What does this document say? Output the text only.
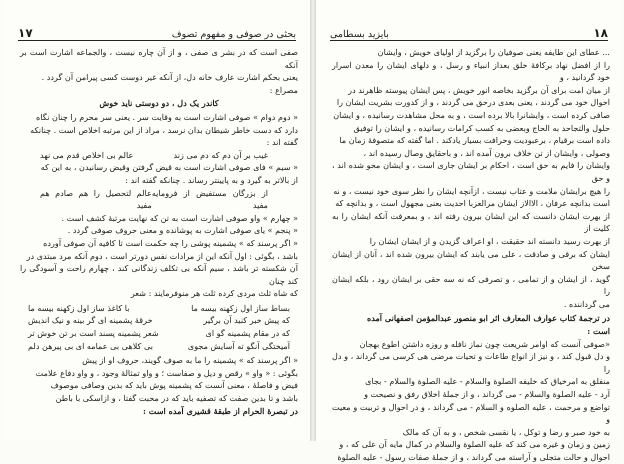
۱۷	بحثی در صوفی و مفهوم تصوف

صفی است که در بشر ی صفی ، و از آن چاره نیست ، والجماعه اشارت است بر آنکه

یعنی بحکم اشارت عارف خانه دل، از آنکه غیر دوست کسی پیرامن آن گردد .

مصراع :

کاندر یک دل ، دو دوستی ناید خوش

« دوم دوام » صوفی اشارت است به وقایت سر . یعنی سر محرم را چنان نگاه

دارد که دست خاطر شیطان بدان نرسد ، مراد از این مرتبه اخلاص است . چنانکه

گفته اند :

غیب بر آن دم که دم می زند
عالم بی اخلاص قدم می نهد

« سیم » فای صوفی اشارت است به قیض گرفتن وقیض رسانیدن ، به این که

از بالاتر به گیرد و به پایینتر رساند . چنانکه گفته اند :

از بزرگان مستفیض از فرومایه مفید
عالم لتحصیل را هم صادم هم مفید

« چهارم » واو صوفی اشارت است به تن که نهایت مرتبهٔ کشف است .

« پنجم » یای صوفی اشارت به پوشانده و معنی حروف صوفی گردد .

« اگر پرسند که » پشمینه پوشی را چه حکمت است تا کافیه آن صوفی آورده

باشد ، بگوئی : اول آنکه این از مرادات نفس دورتر است ، دوم آنکه مرد مبتدی در

آن شکسته تر باشد ، سیم آنکه بی تکلف زندگانی کند ، چهارم راحت و آسودگی را کند چنان

که شاه ثلث مردی کرده ثلث هر منوفرمایند : شعر

بساط ساز اول زکهنه بیسه ما
با کاغذ ساز اول زکهنه بیسه ما
که پیش خبر کنید آن برگیر
خرقهٔ پشمینه ای گر بینه و نیک اندیش
که در مقام پشمینه گو ای
شعر پشمینه پسند است بر تن خوش تر
آمیختگی آنگو ته آسایش مجوی
بی کلاهی بی عمامه ای بی پیرهن دلم

« اگر پرسند که » پشمینه را ما به صوف گویند، حروف او از پیش

بگوئی : « واو » رقص و دیل و صفاست ؛ و واو تمثالهٔ وجود ، و واو دفاع علامت

فیض و فاصلهٔ ، معنی آنست که پشمینه پوش باید که بدین وصافی موصوف

باشد و تا بدین صفت که تصفیه باید که در محبت گفتا ، و ازاسکی با باطن

در تبصرهٔ الحرام از طبقهٔ قشیری آمده است :

بایزید بسطامی	۱۸

... عطای این طایفه یعنی صوفیان را برگزید از اولیای خویش ، وایشان

را از افضل نهاد برکافهٔ خلق بعداز انبیاء و رسل ، و دلهای ایشان را معدن اسرار خود گردانید ، و

از میان امت برای آن برگزید بخاصه انور خویش ، پس ایشان پیوسته ظاهرند در

احوال خود می گردند ، یعنی بعدی درحق می گردند ، و از کدورت بشریت ایشان را

صافی کرده است ، وایشانرا بالا برده است ، و به محل مشاهدت رسانیده ، و ایشان

حلول والتجاحد به الحاج وبعضی به کسب کرامات رسانیده ، و ایشان را توفیق

داده است برقیام ، برعبودیت وحرافت بسیار یادکند . اما گفته که متصوفهٔ زمان ما

وصولی ، وایشان از تن خلاف برون آمده اند ، و باحقایق وصال رسیده اند ،

وایشان را فایم به حق است ، احکام بر ایشان جاری است ، و ایشان محو شده اند ، و حق

را هیچ برایشان ملامت و عتاب نیست ، ازآنچه ایشان را نظر سوی خود نیست ، و نه

است بدانچه عرفان ، الاالاز ایشان مرالعزبا احدیت بعنی مجهول است ، و بدانچه که

از بهرت ایشان دانست که این ایشان بیرون رفته اند ، و بمعرفت آنکه ایشان را به کلیت از

از بهرت رسید دانسته اند حقیقت ، او اعراف گزیدن و از ایشان ایشان را

ایشان که برقی و صادقت ، علی می یابند که ایشان بیرون شده اند ، آنان از ایشان سخن

گوید ، از ایشان و از تمامی ، و تصرفی که نه سه حقی بر ایشان رود ، بلکه ایشان را

می گرداننده .

در ترجمهٔ کتاب عوارف المعارف اثر ابو منصور عبدالمؤمن اصفهانی آمده

است :

«صوفی آنست که اوامر شریعت چون نماز نافله و روزه داشتن اطوع بهجان

و دل قبول کند ، و نیز از انواع طاعات و تحیات مرضی هی کرسی می گرداند ، و دل را

منفلق به امرخیاق که خلیفه الصلوة والسلام - علیه الصلوة والسلام - بجای

آرد - علیه الصلوة والسلام - می گرداند ، و از جملهٔ اخلاق رفق و نصیحت و

تواضع و مرحمت ، علیه الصلوه و السلام - می گرداند ، و در احوال و تربیت و معیت و

به خود صبر و رضا و توکل ، یا نقسی شخص ، و به آن که مالک

زمین و زمان و غیره می کند که علیه الصلوة والسلام در کمال مایه آن علی که ، و

احوال و حالت متجلی و آراسته می گرداند ، و از جملهٔ صفات رسول - علیه الصلوة
